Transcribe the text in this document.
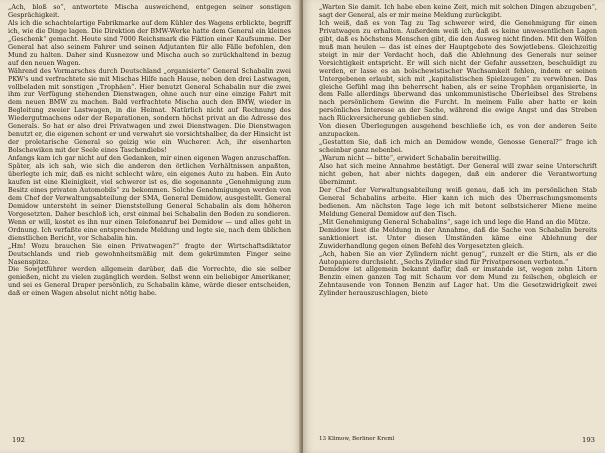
„Ach, bloß so“, antwortete Mischa ausweichend, entgegen seiner sonstigen Gesprächigkeit.

Als ich die schachtelartige Fabrikmarke auf dem Kühler des Wagens erblickte, begriff ich, wie die Dinge lagen. Die Direktion der BMW-Werke hatte dem General ein kleines „Geschenk“ gemacht. Heute sind 7000 Reichsmark die Fiktion einer Kaufsumme. Der General hat also seinem Fahrer und seinen Adjutanten für alle Fälle befohlen, den Mund zu halten. Daher sind Kusnezow und Mischa auch so zurückhaltend in bezug auf den neuen Wagen.

Während des Vormarsches durch Deutschland „organisierte“ General Schabalin zwei PKW's und verfrachtete sie mit Mischas Hilfe nach Hause, neben den drei Lastwagen, vollbeladen mit sonstigen „Trophäen“. Hier benutzt General Schabalin nur die zwei ihm zur Verfügung stehenden Dienstwagen, ohne auch nur eine einzige Fahrt mit dem neuen BMW zu machen. Bald verfrachtete Mischa auch den BMW, wieder in Begleitung zweier Lastwagen, in die Heimat. Natürlich nicht auf Rechnung des Wiedergutmachens oder der Reparationen, sondern höchst privat an die Adresse des Generals. So hat er also drei Privatwagen und zwei Dienstwagen. Die Dienstwagen benutzt er, die eigenen schont er und verwahrt sie vorsichtshalber, da der Hinsicht ist der proletarische General so geizig wie ein Wucherer. Ach, ihr eisenharten Bolschewiken mit der Seele eines Taschendiebs!

Anfangs kam ich gar nicht auf den Gedanken, mir einen eigenen Wagen anzuschaffen. Später, als ich sah, wie sich die anderen den örtlichen Verhältnissen anpaßten, überlegte ich mir, daß es nicht schlecht wäre, ein eigenes Auto zu haben. Ein Auto kaufen ist eine Kleinigkeit, viel schwerer ist es, die sogenannte „Genehmigung zum Besitz eines privaten Automobils“ zu bekommen. Solche Genehmigungen werden von dem Chef der Verwaltungsabteilung der SMA, General Demidow, ausgestellt. General Demidow untersteht in seiner Dienststellung General Schabalin als dem höheren Vorgesetzten. Daher beschloß ich, erst einmal bei Schabalin den Boden zu sondieren. Wenn er will, kostet es ihn nur einen Telefonanruf bei Demidow — und alles geht in Ordnung. Ich verfaßte eine entsprechende Meldung und legte sie, nach dem üblichen dienstlichen Bericht, vor Schabalin hin.

„Hm! Wozu brauchen Sie einen Privatwagen?“ fragte der Wirtschaftsdiktator Deutschlands und rieb gewohnheitsmäßig mit dem gekrümmten Finger seine Nasenspitze.

Die Sowjetführer werden allgemein darüber, daß die Vorrechte, die sie selber genießen, nicht zu vielen zugänglich werden. Selbst wenn ein beliebiger Amerikaner, und sei es General Draper persönlich, zu Schabalin käme, würde dieser entscheiden, daß er einen Wagen absolut nicht nötig habe.

192

„Warten Sie damit. Ich habe eben keine Zeit, mich mit solchen Dingen abzugeben“, sagt der General, als er mir meine Meldung zurückgibt.

Ich weiß, daß es von Tag zu Tag schwerer wird, die Genehmigung für einen Privatwagen zu erhalten. Außerdem weiß ich, daß es keine unwesentlichen Lagen gibt, daß es höchstens Menschen gibt, die den Ausweg nicht finden. Mit den Wölfen muß man heulen — das ist eines der Hauptgebote des Sowjetlebens. Gleichzeitig steigt in mir der Verdacht hoch, daß die Ablehnung des Generals nur seiner Vorsichtigkeit entspricht. Er will sich nicht der Gefahr aussetzen, beschuldigt zu werden, er lasse es an bolschewistischer Wachsamkeit fehlen, indem er seinen Untergebenen erlaubt, sich mit „kapitalistischen Spielzeugen“ zu verwöhnen. Das gleiche Gefühl mag ihn beherrscht haben, als er seine Trophäen organisierte, in dem Falle allerdings überwand das unkommunistische Überleibsel des Strebens nach persönlichem Gewinn die Furcht. In meinem Falle aber hatte er kein persönliches Interesse an der Sache, während die ewige Angst und das Streben nach Rückversicherung geblieben sind.

Von diesen Überlegungen ausgehend beschließe ich, es von der anderen Seite anzupacken.

„Gestatten Sie, daß ich mich an Demidow wende, Genosse General?“ frage ich scheinbar ganz nebenbei.

„Warum nicht — bitte“, erwidert Schabalin bereitwillig.

Also hat sich meine Annahme bestätigt. Der General will zwar seine Unterschrift nicht geben, hat aber nichts dagegen, daß ein anderer die Verantwortung übernimmt.

Der Chef der Verwaltungsabteilung weiß genau, daß ich im persönlichen Stab General Schabalins arbeite. Hier kann ich mich des Überraschungsmoments bedienen. Am nächsten Tage lege ich mit betont selbstsicherer Miene meine Meldung General Demidow auf den Tisch.

„Mit Genehmigung General Schabalins“, sage ich und lege die Hand an die Mütze.

Demidow liest die Meldung in der Annahme, daß die Sache von Schabalin bereits sanktioniert ist. Unter diesen Umständen käme eine Ablehnung der Zuwiderhandlung gegen einen Befehl des Vorgesetzten gleich.

„Ach, haben Sie an vier Zylindern nicht genug“, runzelt er die Stirn, als er die Autopapiere durchsieht. „Sechs Zylinder sind für Privatpersonen verboten.“

Demidow ist allgemein bekannt dafür, daß er imstande ist, wegen zehn Litern Benzin einen ganzen Tag mit Schaum vor dem Mund zu feilschen, obgleich er Zehntausende von Tonnen Benzin auf Lager hat. Um die Gesetzwidrigkeit zwei Zylinder herauszuschlagen, biete

13 Klimow, Berliner Kreml	193
